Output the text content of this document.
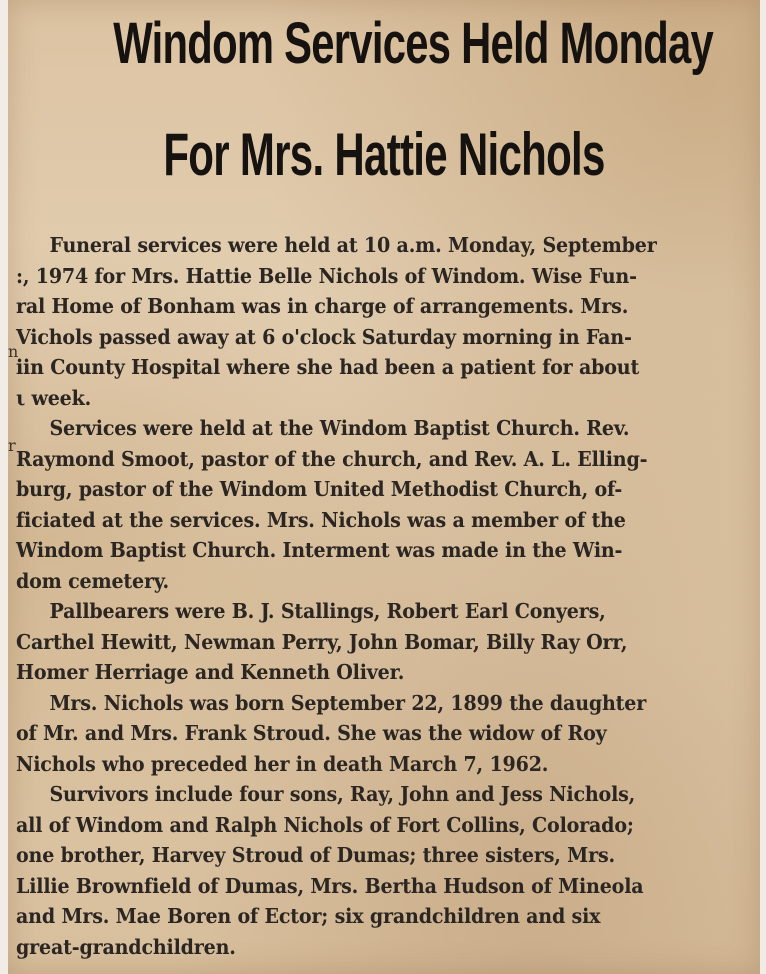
Windom Services Held Monday
For Mrs. Hattie Nichols
n
r
Funeral services were held at 10 a.m. Monday, September
:, 1974 for Mrs. Hattie Belle Nichols of Windom. Wise Fun-
ral Home of Bonham was in charge of arrangements. Mrs.
Vichols passed away at 6 o'clock Saturday morning in Fan-
iin County Hospital where she had been a patient for about
ι week.
Services were held at the Windom Baptist Church. Rev.
Raymond Smoot, pastor of the church, and Rev. A. L. Elling-
burg, pastor of the Windom United Methodist Church, of-
ficiated at the services. Mrs. Nichols was a member of the
Windom Baptist Church. Interment was made in the Win-
dom cemetery.
Pallbearers were B. J. Stallings, Robert Earl Conyers,
Carthel Hewitt, Newman Perry, John Bomar, Billy Ray Orr,
Homer Herriage and Kenneth Oliver.
Mrs. Nichols was born September 22, 1899 the daughter
of Mr. and Mrs. Frank Stroud. She was the widow of Roy
Nichols who preceded her in death March 7, 1962.
Survivors include four sons, Ray, John and Jess Nichols,
all of Windom and Ralph Nichols of Fort Collins, Colorado;
one brother, Harvey Stroud of Dumas; three sisters, Mrs.
Lillie Brownfield of Dumas, Mrs. Bertha Hudson of Mineola
and Mrs. Mae Boren of Ector; six grandchildren and six
great-grandchildren.
